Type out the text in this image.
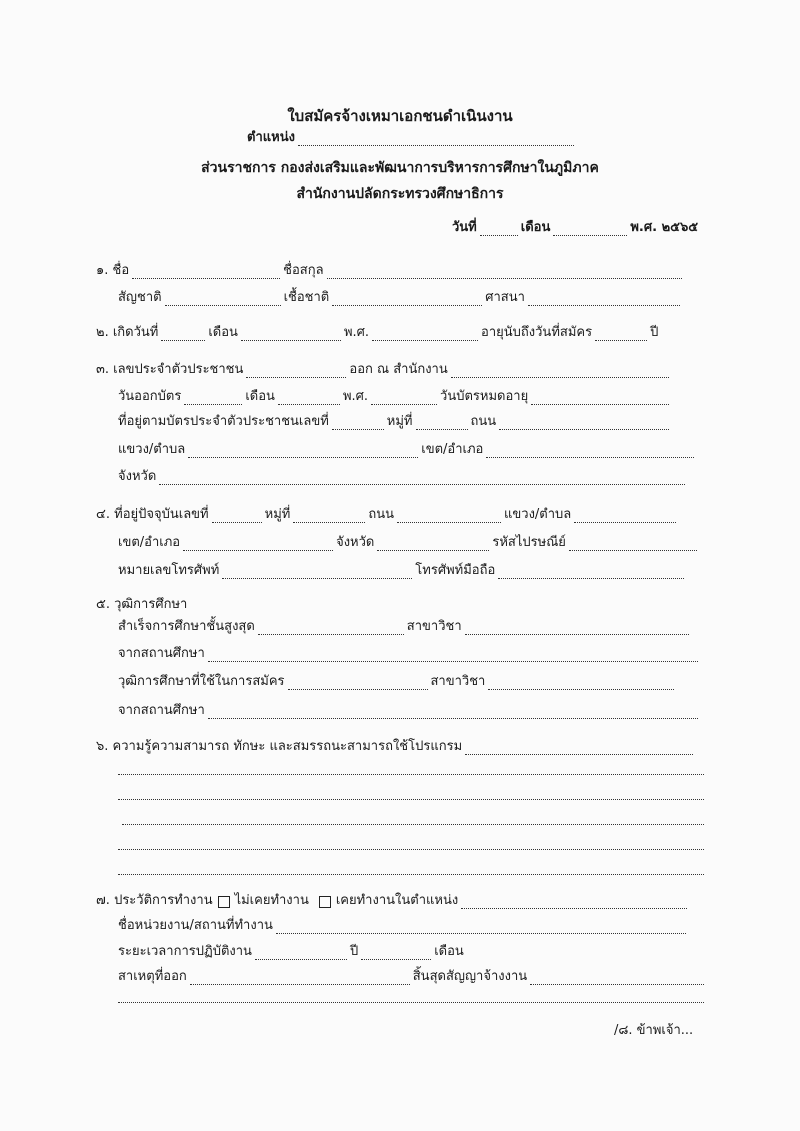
ใบสมัครจ้างเหมาเอกชนดำเนินงาน
ตำแหน่ง
ส่วนราชการ กองส่งเสริมและพัฒนาการบริหารการศึกษาในภูมิภาค
สำนักงานปลัดกระทรวงศึกษาธิการ
วันที่	เดือน	พ.ศ. ๒๕๖๕
๑.
ชื่อ	ชื่อสกุล
สัญชาติ	เชื้อชาติ	ศาสนา
๒.
เกิดวันที่	เดือน	พ.ศ.	อายุนับถึงวันที่สมัคร	ปี
๓.
เลขประจำตัวประชาชน	ออก ณ สำนักงาน
วันออกบัตร	เดือน	พ.ศ.	วันบัตรหมดอายุ
ที่อยู่ตามบัตรประจำตัวประชาชนเลขที่	หมู่ที่	ถนน
แขวง/ตำบล	เขต/อำเภอ
จังหวัด
๔.
ที่อยู่ปัจจุบันเลขที่	หมู่ที่	ถนน	แขวง/ตำบล
เขต/อำเภอ	จังหวัด	รหัสไปรษณีย์
หมายเลขโทรศัพท์	โทรศัพท์มือถือ
๕.
วุฒิการศึกษา
สำเร็จการศึกษาชั้นสูงสุด	สาขาวิชา
จากสถานศึกษา
วุฒิการศึกษาที่ใช้ในการสมัคร	สาขาวิชา
จากสถานศึกษา
๖.
ความรู้ความสามารถ ทักษะ และสมรรถนะสามารถใช้โปรแกรม
๗.
ประวัติการทำงาน ไม่เคยทำงาน เคยทำงานในตำแหน่ง
ชื่อหน่วยงาน/สถานที่ทำงาน
ระยะเวลาการปฏิบัติงาน	ปี	เดือน
สาเหตุที่ออก	สิ้นสุดสัญญาจ้างงาน
/๘. ข้าพเจ้า...
